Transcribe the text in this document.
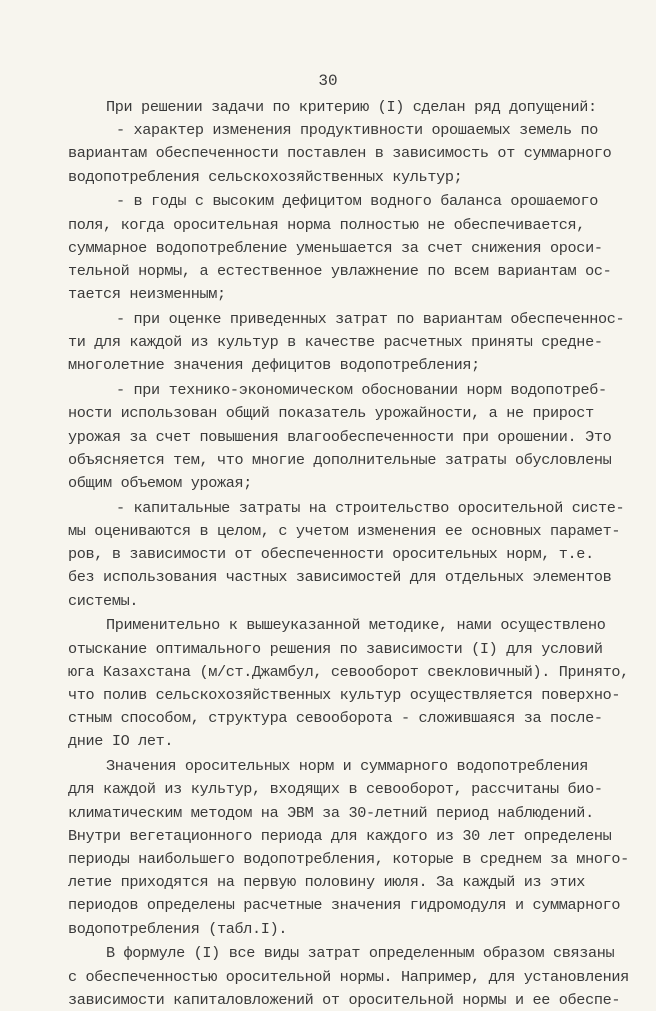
30
При решении задачи по критерию (I) сделан ряд допущений:
- характер изменения продуктивности орошаемых земель по
вариантам обеспеченности поставлен в зависимость от суммарного
водопотребления сельскохозяйственных культур;
- в годы с высоким дефицитом водного баланса орошаемого
поля, когда оросительная норма полностью не обеспечивается,
суммарное водопотребление уменьшается за счет снижения ороси-
тельной нормы, а естественное увлажнение по всем вариантам ос-
тается неизменным;
- при оценке приведенных затрат по вариантам обеспеченнос-
ти для каждой из культур в качестве расчетных приняты средне-
многолетние значения дефицитов водопотребления;
- при технико-экономическом обосновании норм водопотреб-
ности использован общий показатель урожайности, а не прирост
урожая за счет повышения влагообеспеченности при орошении. Это
объясняется тем, что многие дополнительные затраты обусловлены
общим объемом урожая;
- капитальные затраты на строительство оросительной систе-
мы оцениваются в целом, с учетом изменения ее основных парамет-
ров, в зависимости от обеспеченности оросительных норм, т.е.
без использования частных зависимостей для отдельных элементов
системы.
Применительно к вышеуказанной методике, нами осуществлено
отыскание оптимального решения по зависимости (I) для условий
юга Казахстана (м/ст.Джамбул, севооборот свекловичный). Принято,
что полив сельскохозяйственных культур осуществляется поверхно-
стным способом, структура севооборота - сложившаяся за после-
дние IO лет.
Значения оросительных норм и суммарного водопотребления
для каждой из культур, входящих в севооборот, рассчитаны био-
климатическим методом на ЭВМ за 30-летний период наблюдений.
Внутри вегетационного периода для каждого из 30 лет определены
периоды наибольшего водопотребления, которые в среднем за много-
летие приходятся на первую половину июля. За каждый из этих
периодов определены расчетные значения гидромодуля и суммарного
водопотребления (табл.I).
В формуле (I) все виды затрат определенным образом связаны
с обеспеченностью оросительной нормы. Например, для установления
зависимости капиталовложений от оросительной нормы и ее обеспе-
